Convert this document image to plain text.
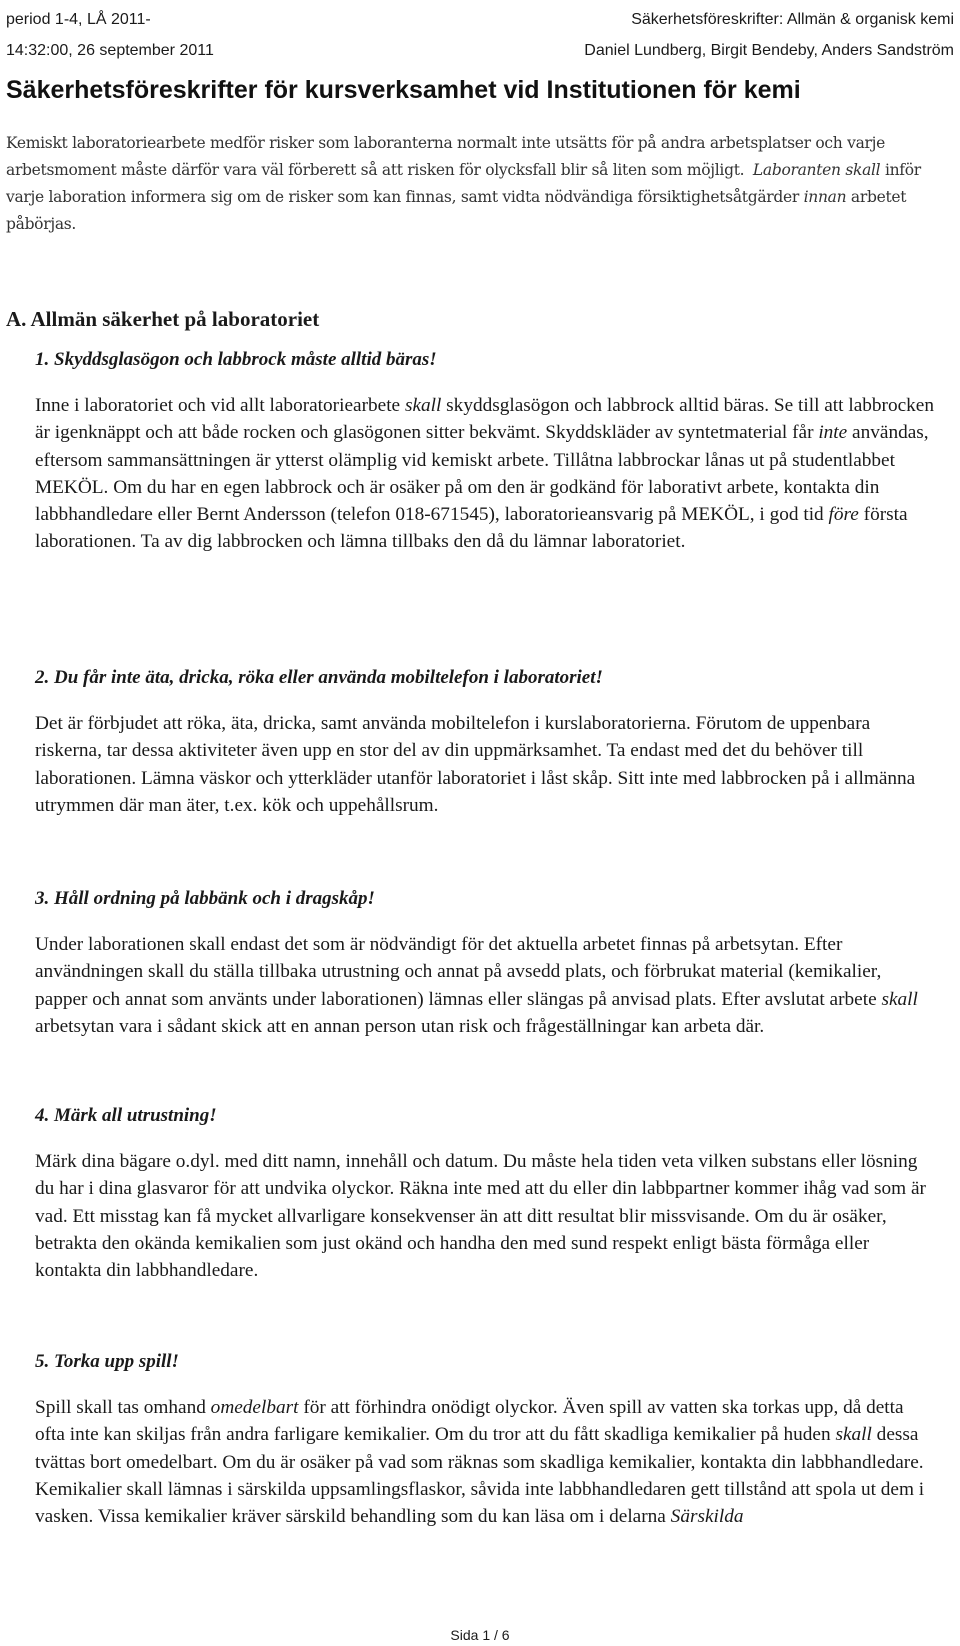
period 1-4, LÅ 2011-	Säkerhetsföreskrifter: Allmän & organisk kemi
14:32:00, 26 september 2011	Daniel Lundberg, Birgit Bendeby, Anders Sandström
Säkerhetsföreskrifter för kursverksamhet vid Institutionen för kemi

Kemiskt laboratoriearbete medför risker som laboranterna normalt inte utsätts för på andra arbetsplatser och varje arbetsmoment måste därför vara väl förberett så att risken för olycksfall blir så liten som möjligt. Laboranten skall inför varje laboration informera sig om de risker som kan finnas, samt vidta nödvändiga försiktighetsåtgärder innan arbetet påbörjas.

A. Allmän säkerhet på laboratoriet
1. Skyddsglasögon och labbrock måste alltid bäras!

Inne i laboratoriet och vid allt laboratoriearbete skall skyddsglasögon och labbrock alltid bäras. Se till att labbrocken är igenknäppt och att både rocken och glasögonen sitter bekvämt. Skyddskläder av syntetmaterial får inte användas, eftersom sammansättningen är ytterst olämplig vid kemiskt arbete. Tillåtna labbrockar lånas ut på studentlabbet MEKÖL. Om du har en egen labbrock och är osäker på om den är godkänd för laborativt arbete, kontakta din labbhandledare eller Bernt Andersson (telefon 018-671545), laboratorieansvarig på MEKÖL, i god tid före första laborationen. Ta av dig labbrocken och lämna tillbaks den då du lämnar laboratoriet.

2. Du får inte äta, dricka, röka eller använda mobiltelefon i laboratoriet!

Det är förbjudet att röka, äta, dricka, samt använda mobiltelefon i kurslaboratorierna. Förutom de uppenbara riskerna, tar dessa aktiviteter även upp en stor del av din uppmärksamhet. Ta endast med det du behöver till laborationen. Lämna väskor och ytterkläder utanför laboratoriet i låst skåp. Sitt inte med labbrocken på i allmänna utrymmen där man äter, t.ex. kök och uppehållsrum.

3. Håll ordning på labbänk och i dragskåp!

Under laborationen skall endast det som är nödvändigt för det aktuella arbetet finnas på arbetsytan. Efter användningen skall du ställa tillbaka utrustning och annat på avsedd plats, och förbrukat material (kemikalier, papper och annat som använts under laborationen) lämnas eller slängas på anvisad plats. Efter avslutat arbete skall arbetsytan vara i sådant skick att en annan person utan risk och frågeställningar kan arbeta där.

4. Märk all utrustning!

Märk dina bägare o.dyl. med ditt namn, innehåll och datum. Du måste hela tiden veta vilken substans eller lösning du har i dina glasvaror för att undvika olyckor. Räkna inte med att du eller din labbpartner kommer ihåg vad som är vad. Ett misstag kan få mycket allvarligare konsekvenser än att ditt resultat blir missvisande. Om du är osäker, betrakta den okända kemikalien som just okänd och handha den med sund respekt enligt bästa förmåga eller kontakta din labbhandledare.

5. Torka upp spill!

Spill skall tas omhand omedelbart för att förhindra onödigt olyckor. Även spill av vatten ska torkas upp, då detta ofta inte kan skiljas från andra farligare kemikalier. Om du tror att du fått skadliga kemikalier på huden skall dessa tvättas bort omedelbart. Om du är osäker på vad som räknas som skadliga kemikalier, kontakta din labbhandledare. Kemikalier skall lämnas i särskilda uppsamlingsflaskor, såvida inte labbhandledaren gett tillstånd att spola ut dem i vasken. Vissa kemikalier kräver särskild behandling som du kan läsa om i delarna Särskilda

Sida 1 / 6
